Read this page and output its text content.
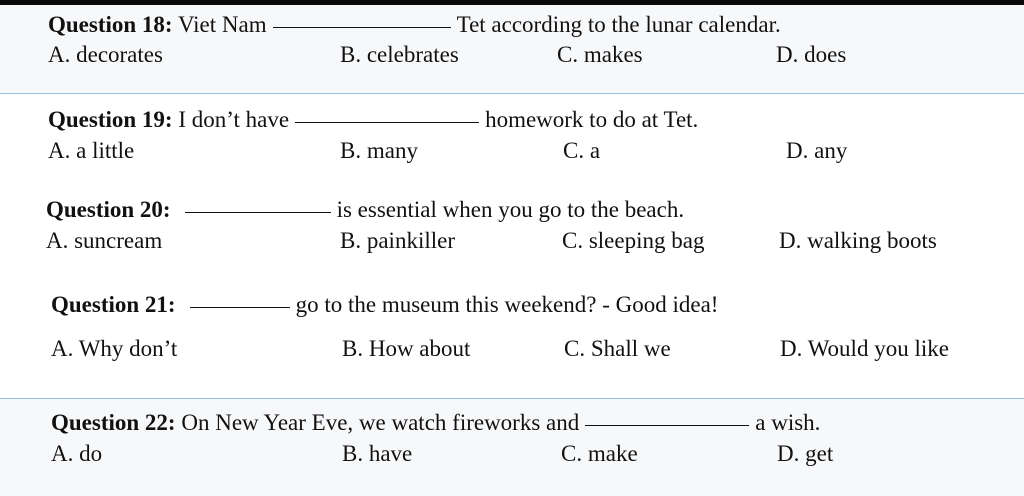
Question 18: Viet Nam	Tet according to the lunar calendar.
A. decorates	B. celebrates	C. makes	D. does
Question 19: I don’t have	homework to do at Tet.
A. a little	B. many	C. a	D. any
Question 20:	is essential when you go to the beach.
A. suncream	B. painkiller	C. sleeping bag	D. walking boots
Question 21:	go to the museum this weekend? - Good idea!
A. Why don’t	B. How about	C. Shall we	D. Would you like
Question 22: On New Year Eve, we watch fireworks and	a wish.
A. do	B. have	C. make	D. get
